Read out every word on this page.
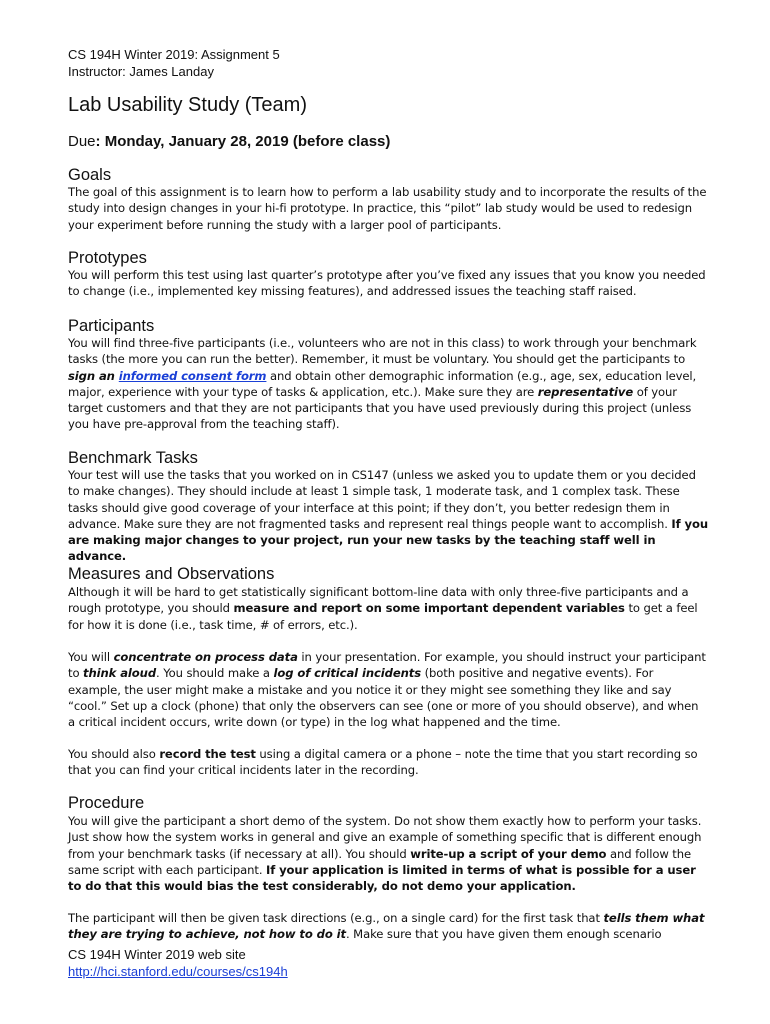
CS 194H Winter 2019: Assignment 5
Instructor: James Landay
Lab Usability Study (Team)
Due: Monday, January 28, 2019 (before class)
Goals

The goal of this assignment is to learn how to perform a lab usability study and to incorporate the results of the study into design changes in your hi-fi prototype. In practice, this “pilot” lab study would be used to redesign your experiment before running the study with a larger pool of participants.

Prototypes

You will perform this test using last quarter’s prototype after you’ve fixed any issues that you know you needed to change (i.e., implemented key missing features), and addressed issues the teaching staff raised.

Participants

You will find three-five participants (i.e., volunteers who are not in this class) to work through your benchmark tasks (the more you can run the better). Remember, it must be voluntary. You should get the participants to sign an informed consent form and obtain other demographic information (e.g., age, sex, education level, major, experience with your type of tasks & application, etc.). Make sure they are representative of your target customers and that they are not participants that you have used previously during this project (unless you have pre-approval from the teaching staff).

Benchmark Tasks

Your test will use the tasks that you worked on in CS147 (unless we asked you to update them or you decided to make changes). They should include at least 1 simple task, 1 moderate task, and 1 complex task. These tasks should give good coverage of your interface at this point; if they don’t, you better redesign them in advance. Make sure they are not fragmented tasks and represent real things people want to accomplish. If you are making major changes to your project, run your new tasks by the teaching staff well in advance.

Measures and Observations

Although it will be hard to get statistically significant bottom-line data with only three-five participants and a rough prototype, you should measure and report on some important dependent variables to get a feel for how it is done (i.e., task time, # of errors, etc.).

You will concentrate on process data in your presentation. For example, you should instruct your participant to think aloud. You should make a log of critical incidents (both positive and negative events). For example, the user might make a mistake and you notice it or they might see something they like and say “cool.” Set up a clock (phone) that only the observers can see (one or more of you should observe), and when a critical incident occurs, write down (or type) in the log what happened and the time.

You should also record the test using a digital camera or a phone – note the time that you start recording so that you can find your critical incidents later in the recording.

Procedure

You will give the participant a short demo of the system. Do not show them exactly how to perform your tasks. Just show how the system works in general and give an example of something specific that is different enough from your benchmark tasks (if necessary at all). You should write-up a script of your demo and follow the same script with each participant. If your application is limited in terms of what is possible for a user to do that this would bias the test considerably, do not demo your application.

The participant will then be given task directions (e.g., on a single card) for the first task that tells them what they are trying to achieve, not how to do it. Make sure that you have given them enough scenario

CS 194H Winter 2019 web site
http://hci.stanford.edu/courses/cs194h
